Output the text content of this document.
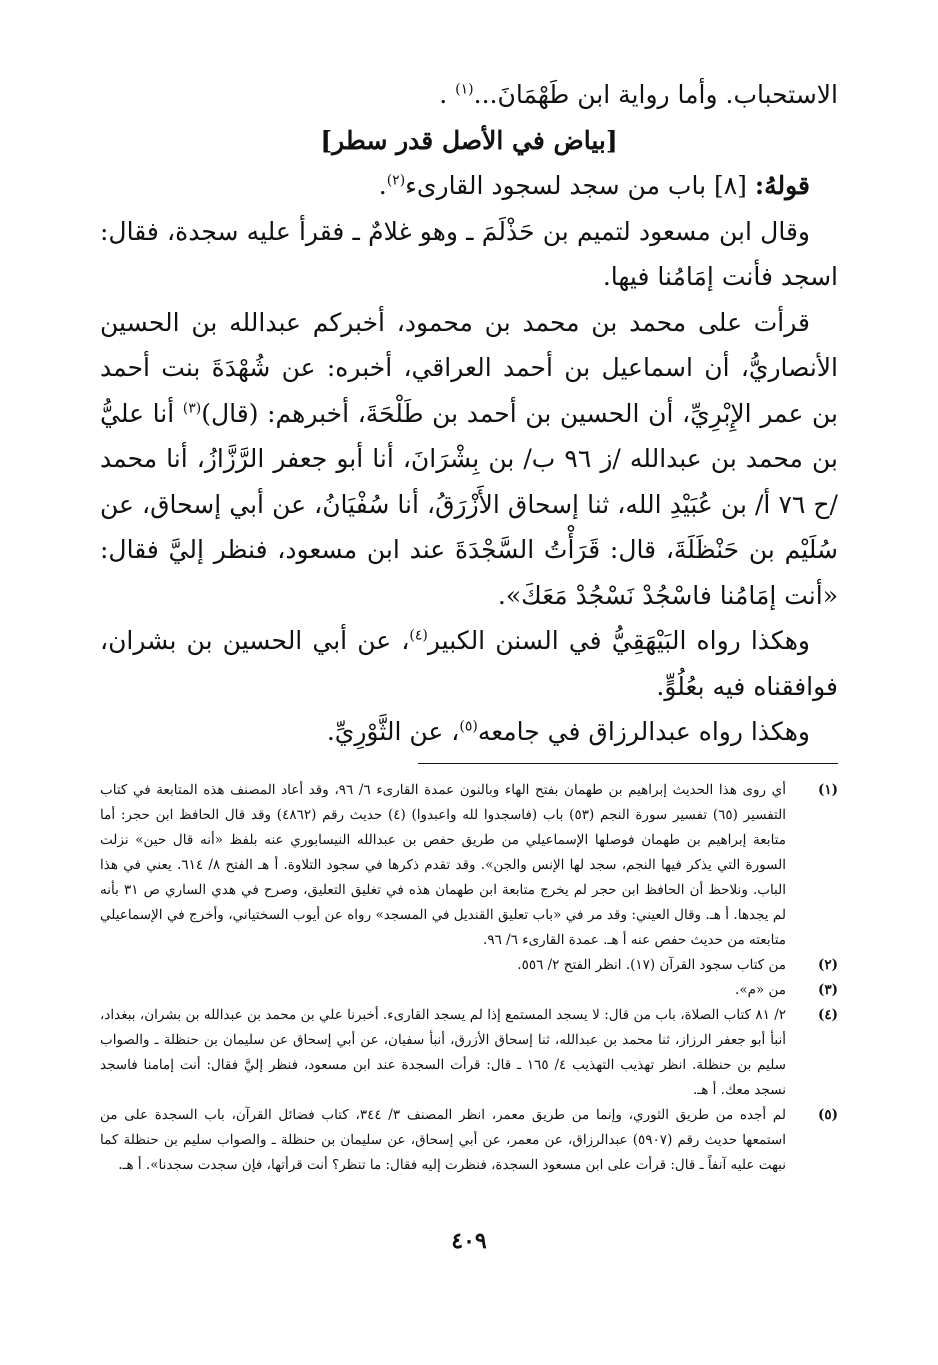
الاستحباب. وأما رواية ابن طَهْمَانَ...$^{(١)}$ .

[بياض في الأصل قدر سطر]

قولهُ: [٨] باب من سجد لسجود القارىء$^{(٢)}$.

وقال ابن مسعود لتميم بن حَذْلَمَ ـ وهو غلامٌ ـ فقرأ عليه سجدة، فقال: اسجد فأنت إمَامُنا فيها.

قرأت على محمد بن محمد بن محمود، أخبركم عبدالله بن الحسين الأنصاريُّ، أن اسماعيل بن أحمد العراقي، أخبره: عن شُهْدَةَ بنت أحمد بن عمر الإِبْرِيِّ، أن الحسين بن أحمد بن طَلْحَةَ، أخبرهم: (قال)$^{(٣)}$ أنا عليُّ بن محمد بن عبدالله /ز ٩٦ ب/ بن بِشْرَانَ، أنا أبو جعفر الرَّزَّازُ، أنا محمد /ح ٧٦ أ/ بن عُبَيْدِ الله، ثنا إسحاق الأَزْرَقُ، أنا سُفْيَانُ، عن أبي إسحاق، عن سُلَيْم بن حَنْظَلَةَ، قال: قَرَأْتُ السَّجْدَةَ عند ابن مسعود، فنظر إليَّ فقال: «أنت إمَامُنا فاسْجُدْ نَسْجُدْ مَعَكَ».

وهكذا رواه البَيْهَقِيُّ في السنن الكبير$^{(٤)}$، عن أبي الحسين بن بشران، فوافقناه فيه بعُلُوٍّ.

وهكذا رواه عبدالرزاق في جامعه$^{(٥)}$، عن الثَّوْرِيِّ.

(١)
أي روى هذا الحديث إبراهيم بن طهمان بفتح الهاء وبالنون عمدة القارىء ٦/ ٩٦، وقد أعاد المصنف هذه المتابعة في كتاب التفسير (٦٥) تفسير سورة النجم (٥٣) باب (فاسجدوا لله واعبدوا) (٤) حديث رقم (٤٨٦٢) وقد قال الحافظ ابن حجر: أما متابعة إبراهيم بن طهمان فوصلها الإسماعيلي من طريق حفص بن عبدالله النيسابوري عنه بلفظ «أنه قال حين» نزلت السورة التي يذكر فيها النجم، سجد لها الإنس والجن». وقد تقدم ذكرها في سجود التلاوة. أ هـ الفتح ٨/ ٦١٤. يعني في هذا الباب. ونلاحظ أن الحافظ ابن حجر لم يخرج متابعة ابن طهمان هذه في تغليق التعليق، وصرح في هدي الساري ص ٣١ بأنه لم يجدها. أ هـ. وقال العيني: وقد مر في «باب تعليق القنديل في المسجد» رواه عن أيوب السختياني، وأخرج في الإسماعيلي متابعته من حديث حفص عنه أ هـ. عمدة القارىء ٦/ ٩٦.
(٢)
من كتاب سجود القرآن (١٧). انظر الفتح ٢/ ٥٥٦.
(٣)
من «م».
(٤)
٢/ ٨١ كتاب الصلاة، باب من قال: لا يسجد المستمع إذا لم يسجد القارىء. أخبرنا علي بن محمد بن عبدالله بن بشران، ببغداد، أنبأ أبو جعفر الرزاز، ثنا محمد بن عبدالله، ثنا إسحاق الأزرق، أنبأ سفيان، عن أبي إسحاق عن سليمان بن حنظلة ـ والصواب سليم بن حنظلة. انظر تهذيب التهذيب ٤/ ١٦٥ ـ قال: قرأت السجدة عند ابن مسعود، فنظر إليَّ فقال: أنت إمامنا فاسجد نسجد معك. أ هـ.
(٥)
لم أجده من طريق الثوري، وإنما من طريق معمر، انظر المصنف ٣/ ٣٤٤، كتاب فضائل القرآن، باب السجدة على من استمعها حديث رقم (٥٩٠٧) عبدالرزاق، عن معمر، عن أبي إسحاق، عن سليمان بن حنظلة ـ والصواب سليم بن حنظلة كما نبهت عليه آنفاً ـ قال: قرأت على ابن مسعود السجدة، فنظرت إليه فقال: ما تنظر؟ أنت قرأتها، فإن سجدت سجدنا». أ هـ.
٤٠٩
